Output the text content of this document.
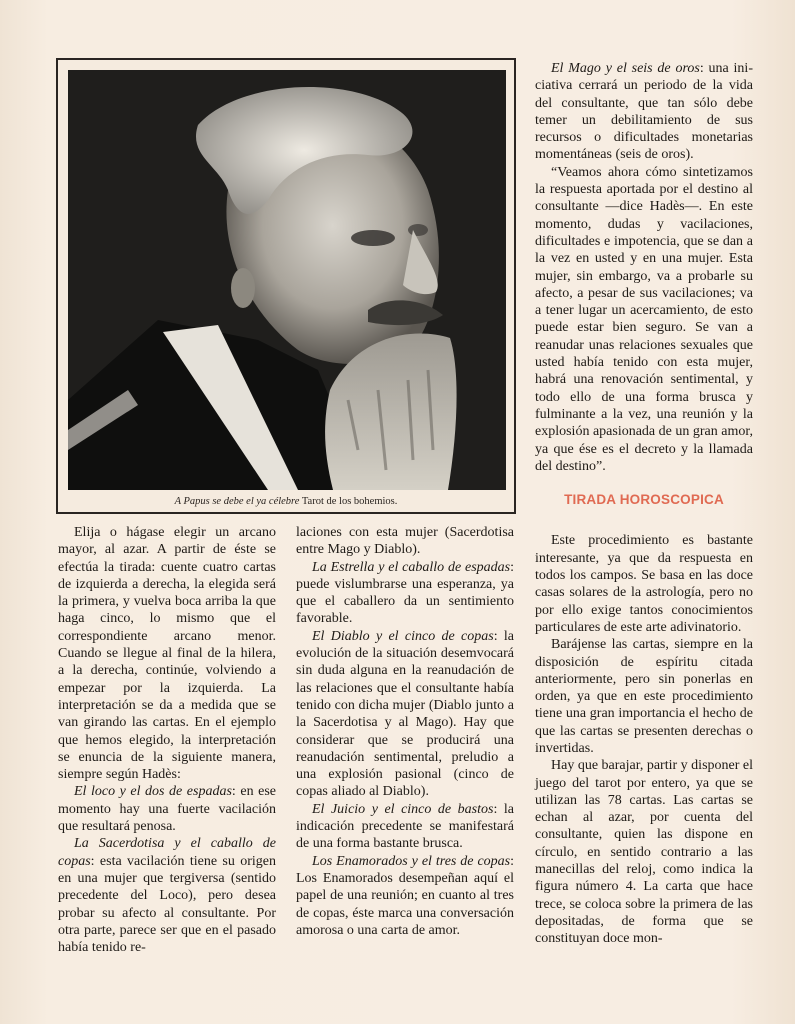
A Papus se debe el ya célebre Tarot de los bohemios.

Elija o hágase elegir un arcano mayor, al azar. A partir de éste se efectúa la tirada: cuente cuatro cartas de izquierda a derecha, la elegida será la primera, y vuelva boca arriba la que haga cinco, lo mismo que el correspondiente arcano menor. Cuando se llegue al final de la hilera, a la derecha, continúe, volviendo a empezar por la izquierda. La interpretación se da a medida que se van girando las cartas. En el ejemplo que hemos elegido, la interpretación se enuncia de la siguiente manera, siempre según Hadès:

El loco y el dos de espadas: en ese momento hay una fuerte vacilación que resultará penosa.

La Sacerdotisa y el caballo de copas: esta vacilación tiene su origen en una mujer que tergiversa (sentido precedente del Loco), pero desea probar su afecto al consultante. Por otra parte, parece ser que en el pasado había tenido re-

laciones con esta mujer (Sacerdotisa entre Mago y Diablo).

La Estrella y el caballo de espadas: puede vislumbrarse una esperanza, ya que el caballero da un sentimiento favorable.

El Diablo y el cinco de copas: la evolución de la situación desemvocará sin duda alguna en la reanudación de las relaciones que el consultante había tenido con dicha mujer (Diablo junto a la Sacerdotisa y al Mago). Hay que considerar que se producirá una reanudación sentimental, preludio a una explosión pasional (cinco de copas aliado al Diablo).

El Juicio y el cinco de bastos: la indicación precedente se manifestará de una forma bastante brusca.

Los Enamorados y el tres de copas: Los Enamorados desempeñan aquí el papel de una reunión; en cuanto al tres de copas, éste marca una conversación amorosa o una carta de amor.

El Mago y el seis de oros: una iniciativa cerrará un periodo de la vida del consultante, que tan sólo debe temer un debilitamiento de sus recursos o dificultades monetarias momentáneas (seis de oros).

“Veamos ahora cómo sintetizamos la respuesta aportada por el destino al consultante —dice Hadès—. En este momento, dudas y vacilaciones, dificultades e impotencia, que se dan a la vez en usted y en una mujer. Esta mujer, sin embargo, va a probarle su afecto, a pesar de sus vacilaciones; va a tener lugar un acercamiento, de esto puede estar bien seguro. Se van a reanudar unas relaciones sexuales que usted había tenido con esta mujer, habrá una renovación sentimental, y todo ello de una forma brusca y fulminante a la vez, una reunión y la explosión apasionada de un gran amor, ya que ése es el decreto y la llamada del destino”.

TIRADA HOROSCOPICA

Este procedimiento es bastante interesante, ya que da respuesta en todos los campos. Se basa en las doce casas solares de la astrología, pero no por ello exige tantos conocimientos particulares de este arte adivinatorio.

Barájense las cartas, siempre en la disposición de espíritu citada anteriormente, pero sin ponerlas en orden, ya que en este procedimiento tiene una gran importancia el hecho de que las cartas se presenten derechas o invertidas.

Hay que barajar, partir y disponer el juego del tarot por entero, ya que se utilizan las 78 cartas. Las cartas se echan al azar, por cuenta del consultante, quien las dispone en círculo, en sentido contrario a las manecillas del reloj, como indica la figura número 4. La carta que hace trece, se coloca sobre la primera de las depositadas, de forma que se constituyan doce mon-
